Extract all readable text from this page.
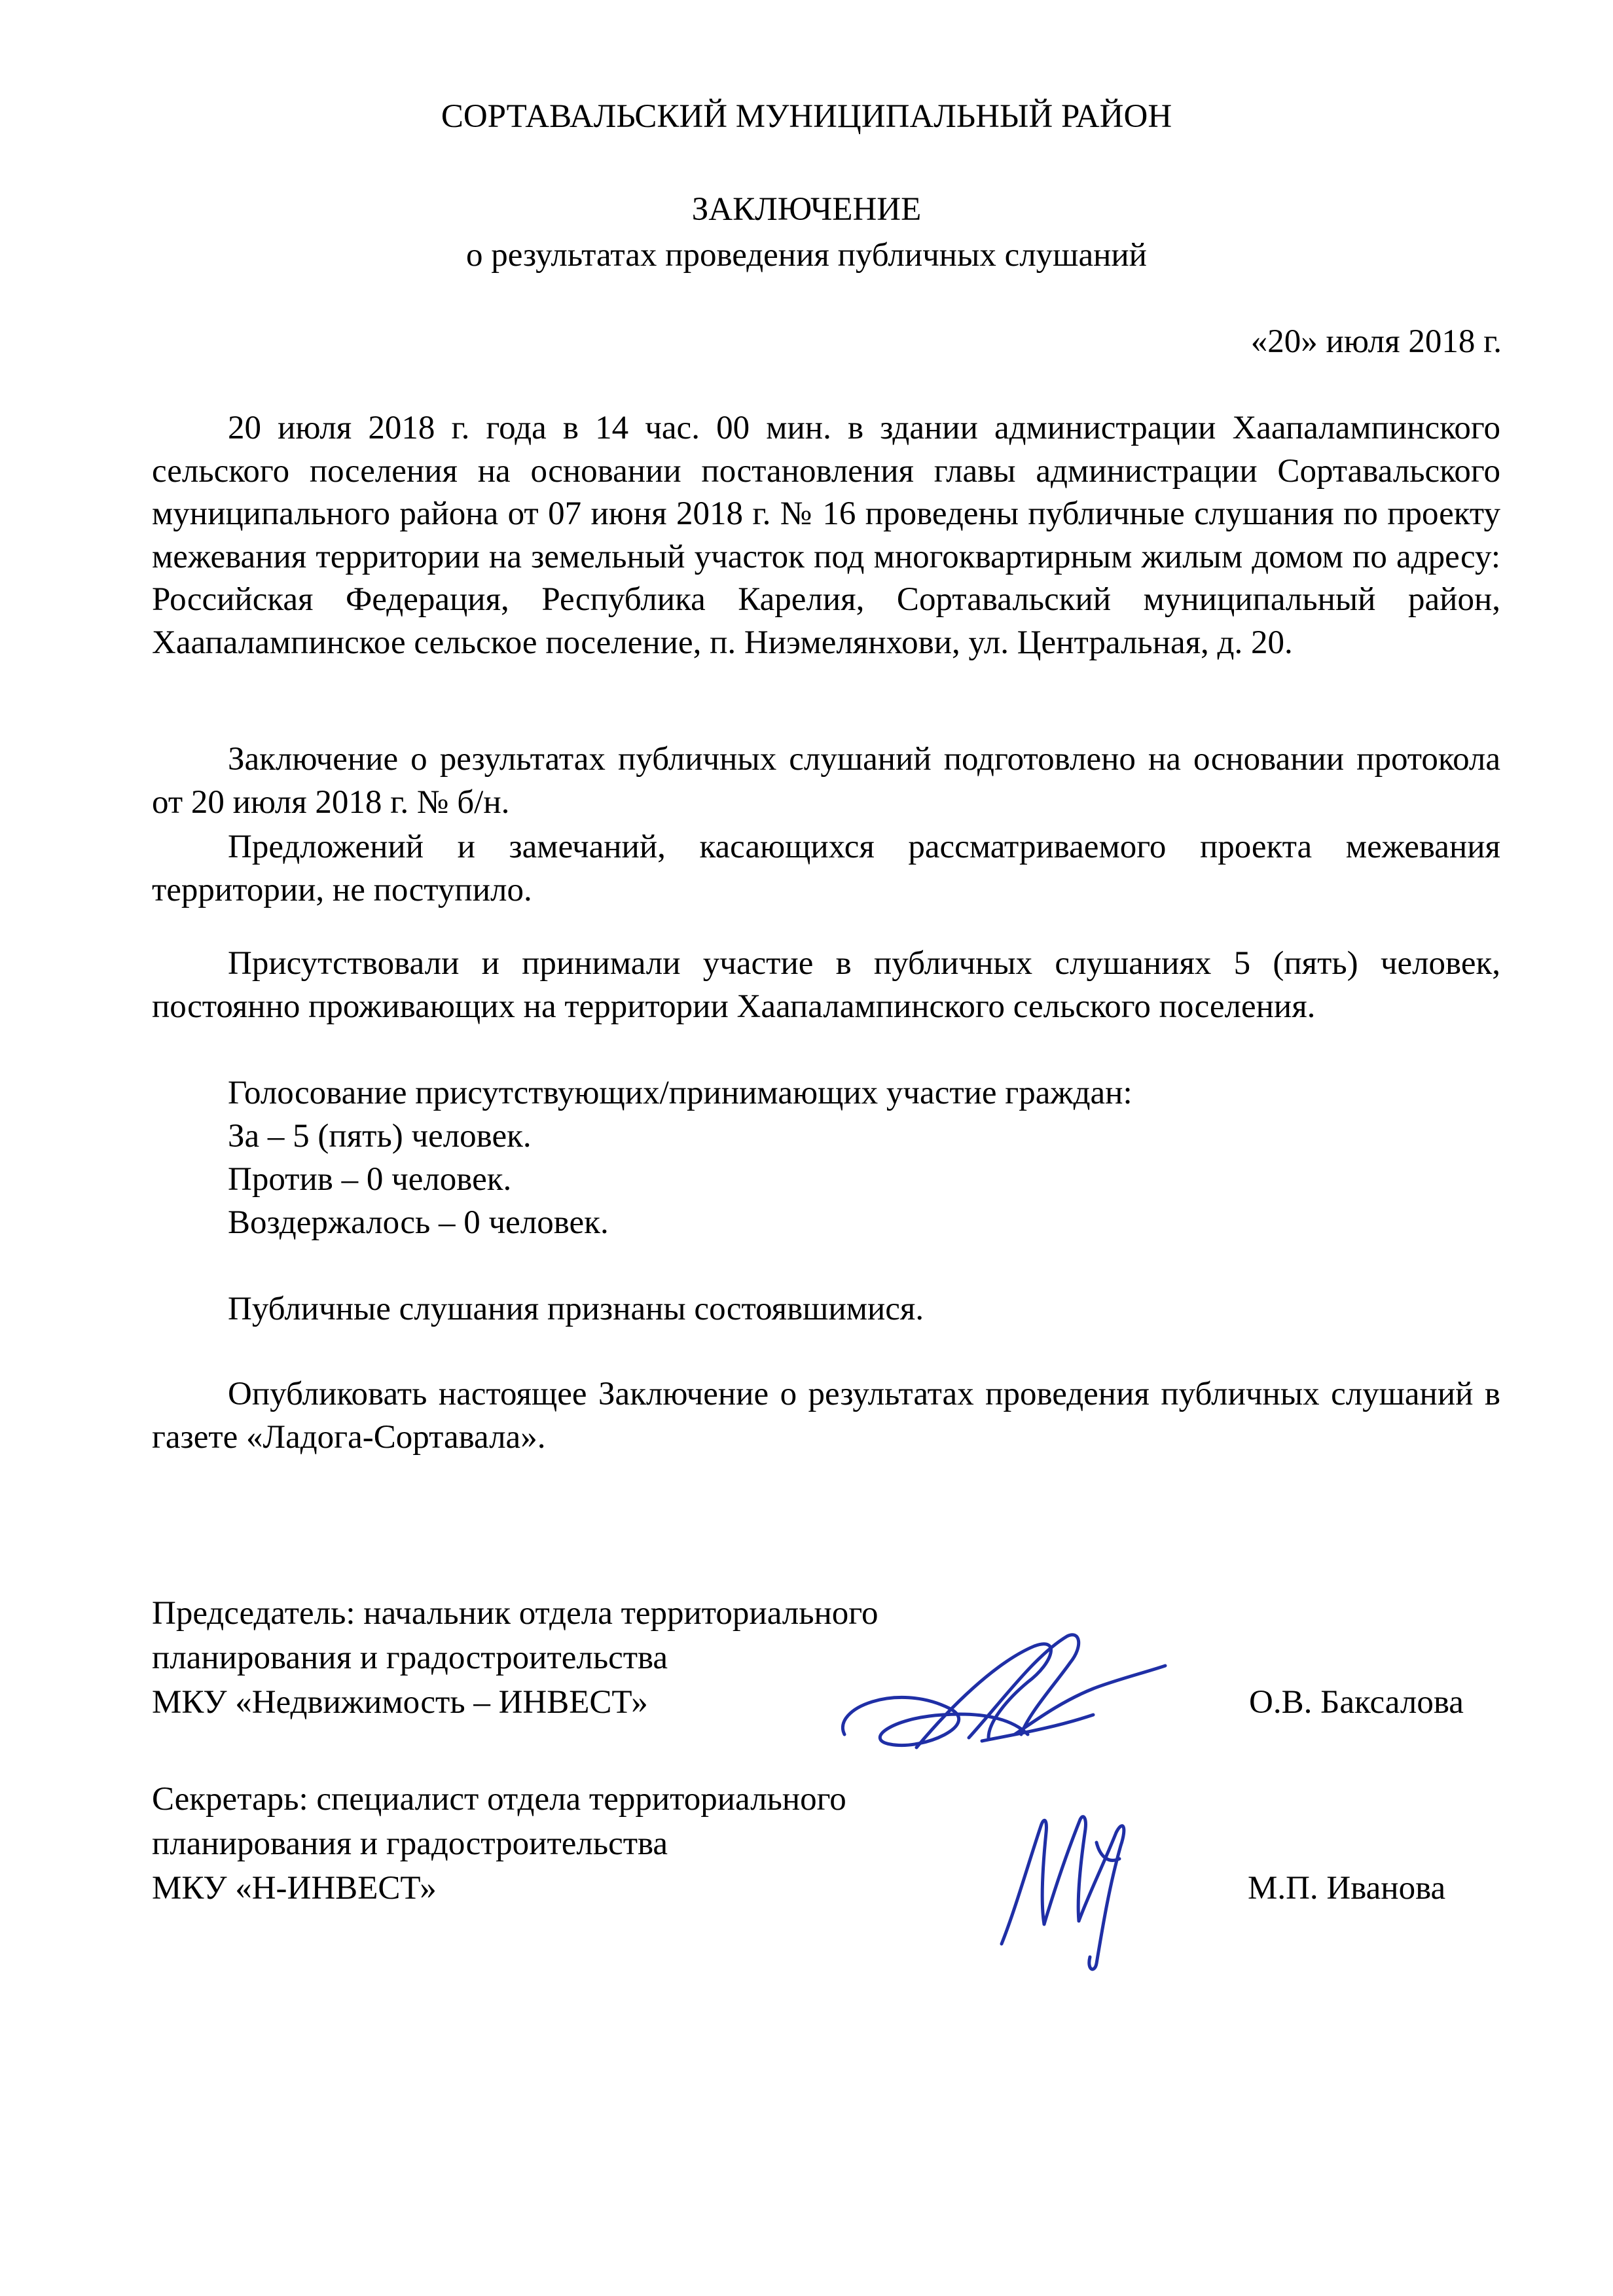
СОРТАВАЛЬСКИЙ МУНИЦИПАЛЬНЫЙ РАЙОН
ЗАКЛЮЧЕНИЕ
о результатах проведения публичных слушаний
«20» июля 2018 г.

20 июля 2018 г. года в 14 час. 00 мин. в здании администрации Хаапалампинского сельского поселения на основании постановления главы администрации Сортавальского муниципального района от 07 июня 2018 г. № 16 проведены публичные слушания по проекту межевания территории на земельный участок под многоквартирным жилым домом по адресу: Российская Федерация, Республика Карелия, Сортавальский муниципальный район, Хаапалампинское сельское поселение, п. Ниэмелянхови, ул. Центральная, д. 20.

Заключение о результатах публичных слушаний подготовлено на основании протокола от 20 июля 2018 г. № б/н.

Предложений и замечаний, касающихся рассматриваемого проекта межевания территории, не поступило.

Присутствовали и принимали участие в публичных слушаниях 5 (пять) человек, постоянно проживающих на территории Хаапалампинского сельского поселения.

Голосование присутствующих/принимающих участие граждан:
За – 5 (пять) человек.
Против – 0 человек.
Воздержалось – 0 человек.
Публичные слушания признаны состоявшимися.

Опубликовать настоящее Заключение о результатах проведения публичных слушаний в газете «Ладога-Сортавала».

Председатель: начальник отдела территориального
планирования и градостроительства
МКУ «Недвижимость – ИНВЕСТ»	О.В. Баксалова
Секретарь: специалист отдела территориального
планирования и градостроительства
МКУ «Н-ИНВЕСТ»	М.П. Иванова
